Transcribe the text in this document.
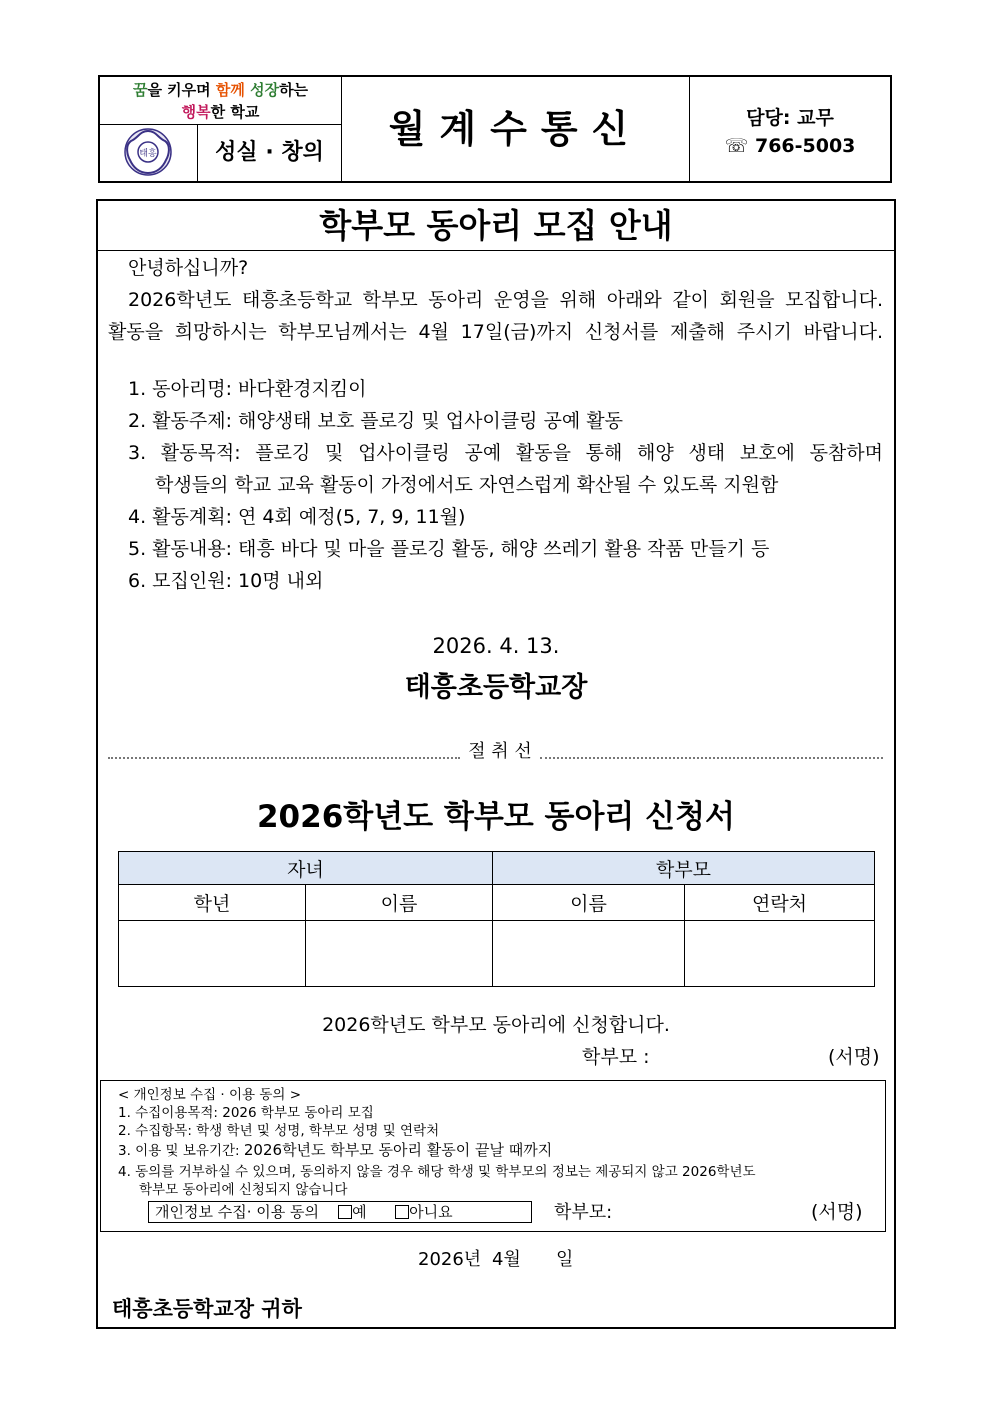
꿈을 키우며 함께 성장하는
행복한 학교
태흥	성실 · 창의
월계수통신	담당: 교무
☏ 766-5003
학부모 동아리 모집 안내
안녕하십니까?
2026학년도 태흥초등학교 학부모 동아리 운영을 위해 아래와 같이 회원을 모집합니다.
활동을 희망하시는 학부모님께서는 4월 17일(금)까지 신청서를 제출해 주시기 바랍니다.
1. 동아리명: 바다환경지킴이
2. 활동주제: 해양생태 보호 플로깅 및 업사이클링 공예 활동
3. 활동목적: 플로깅 및 업사이클링 공예 활동을 통해 해양 생태 보호에 동참하며
학생들의 학교 교육 활동이 가정에서도 자연스럽게 확산될 수 있도록 지원함
4. 활동계획: 연 4회 예정(5, 7, 9, 11월)
5. 활동내용: 태흥 바다 및 마을 플로깅 활동, 해양 쓰레기 활용 작품 만들기 등
6. 모집인원: 10명 내외
2026. 4. 13.
태흥초등학교장
절 취 선
2026학년도 학부모 동아리 신청서
자녀		학부모	
학년	이름	이름	연락처

2026학년도 학부모 동아리에 신청합니다.
학부모 :	(서명)
< 개인정보 수집 · 이용 동의 >
1. 수집이용목적: 2026 학부모 동아리 모집
2. 수집항목: 학생 학년 및 성명, 학부모 성명 및 연락처
3. 이용 및 보유기간: 2026학년도 학부모 동아리 활동이 끝날 때까지
4. 동의를 거부하실 수 있으며, 동의하지 않을 경우 해당 학생 및 학부모의 정보는 제공되지 않고 2026학년도
학부모 동아리에 신청되지 않습니다
개인정보 수집· 이용 동의 예	아니요	학부모:	(서명)
2026년 4월 일
태흥초등학교장 귀하
